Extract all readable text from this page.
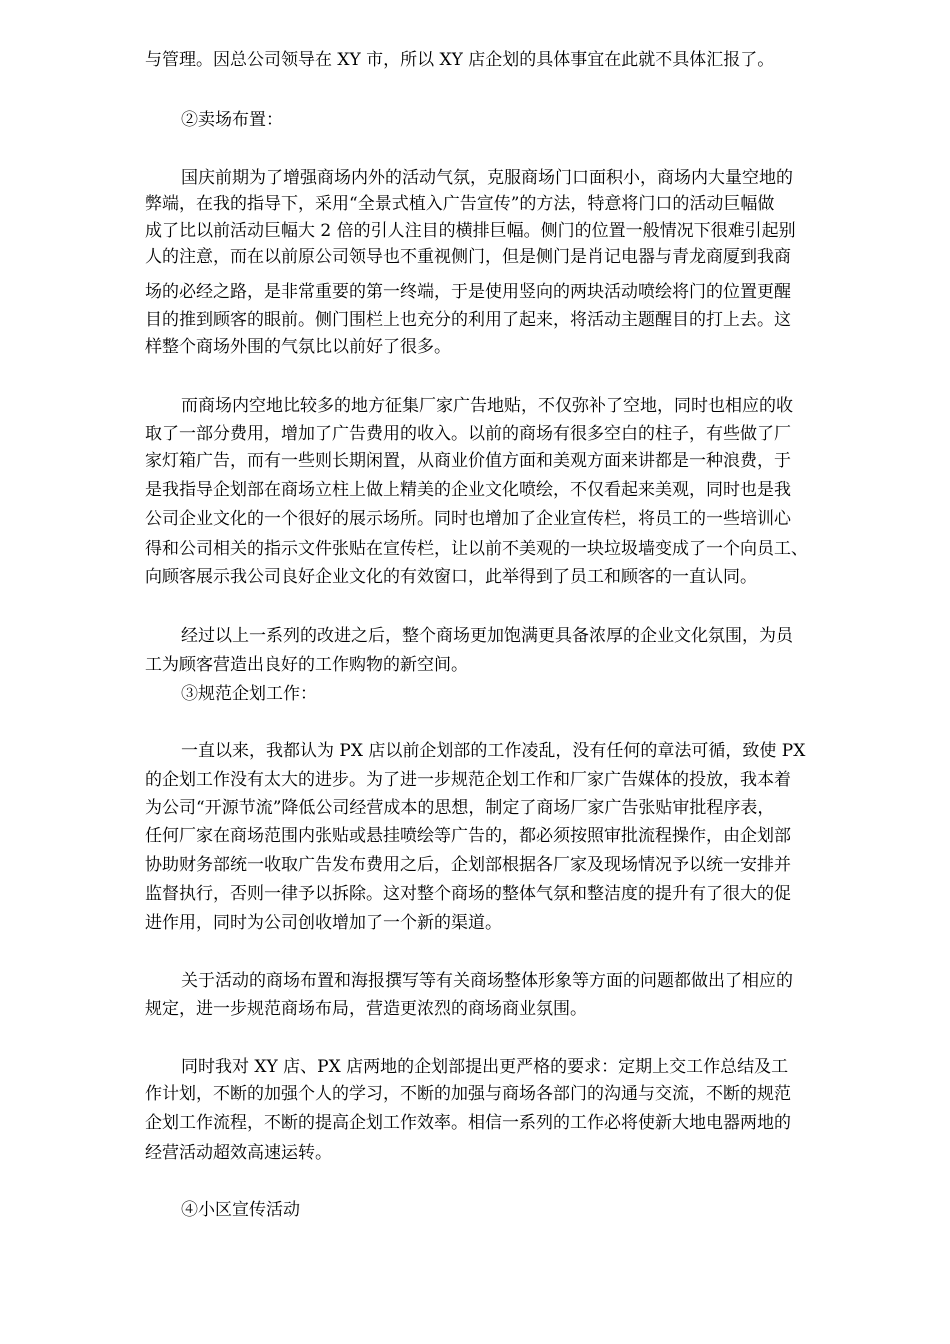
与管理。因总公司领导在 XY 市，所以 XY 店企划的具体事宜在此就不具体汇报了。

②卖场布置：

国庆前期为了增强商场内外的活动气氛，克服商场门口面积小，商场内大量空地的

弊端，在我的指导下，采用“全景式植入广告宣传”的方法，特意将门口的活动巨幅做

成了比以前活动巨幅大 2 倍的引人注目的横排巨幅。侧门的位置一般情况下很难引起别

人的注意，而在以前原公司领导也不重视侧门，但是侧门是肖记电器与青龙商厦到我商

场的必经之路，是非常重要的第一终端，于是使用竖向的两块活动喷绘将门的位置更醒

目的推到顾客的眼前。侧门围栏上也充分的利用了起来，将活动主题醒目的打上去。这

样整个商场外围的气氛比以前好了很多。

而商场内空地比较多的地方征集厂家广告地贴，不仅弥补了空地，同时也相应的收

取了一部分费用，增加了广告费用的收入。以前的商场有很多空白的柱子，有些做了厂

家灯箱广告，而有一些则长期闲置，从商业价值方面和美观方面来讲都是一种浪费，于

是我指导企划部在商场立柱上做上精美的企业文化喷绘，不仅看起来美观，同时也是我

公司企业文化的一个很好的展示场所。同时也增加了企业宣传栏，将员工的一些培训心

得和公司相关的指示文件张贴在宣传栏，让以前不美观的一块垃圾墙变成了一个向员工、

向顾客展示我公司良好企业文化的有效窗口，此举得到了员工和顾客的一直认同。

经过以上一系列的改进之后，整个商场更加饱满更具备浓厚的企业文化氛围，为员

工为顾客营造出良好的工作购物的新空间。

③规范企划工作：

一直以来，我都认为 PX 店以前企划部的工作凌乱，没有任何的章法可循，致使 PX

的企划工作没有太大的进步。为了进一步规范企划工作和厂家广告媒体的投放，我本着

为公司“开源节流”降低公司经营成本的思想，制定了商场厂家广告张贴审批程序表，

任何厂家在商场范围内张贴或悬挂喷绘等广告的，都必须按照审批流程操作，由企划部

协助财务部统一收取广告发布费用之后，企划部根据各厂家及现场情况予以统一安排并

监督执行，否则一律予以拆除。这对整个商场的整体气氛和整洁度的提升有了很大的促

进作用，同时为公司创收增加了一个新的渠道。

关于活动的商场布置和海报撰写等有关商场整体形象等方面的问题都做出了相应的

规定，进一步规范商场布局，营造更浓烈的商场商业氛围。

同时我对 XY 店、PX 店两地的企划部提出更严格的要求：定期上交工作总结及工

作计划，不断的加强个人的学习，不断的加强与商场各部门的沟通与交流，不断的规范

企划工作流程，不断的提高企划工作效率。相信一系列的工作必将使新大地电器两地的

经营活动超效高速运转。

④小区宣传活动
